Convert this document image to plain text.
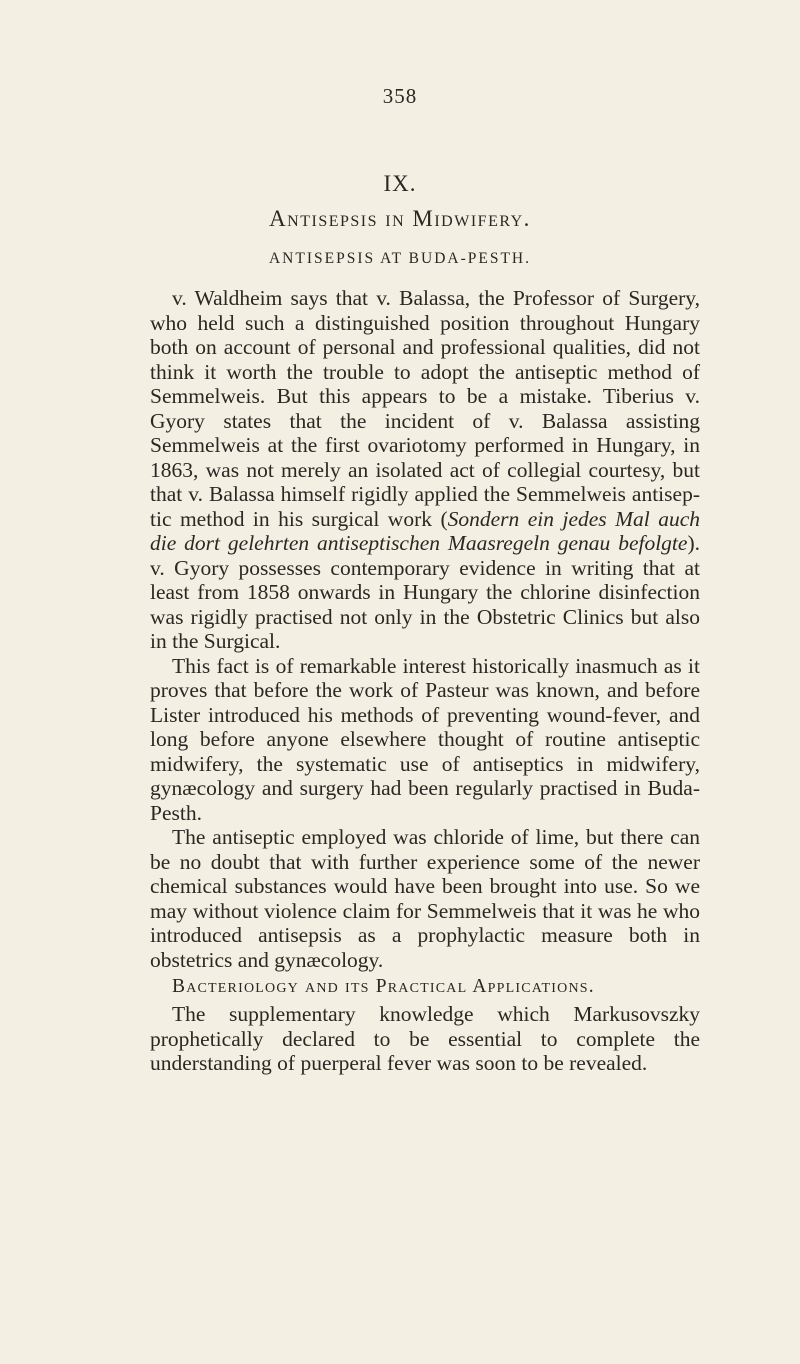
358
IX.
Antisepsis in Midwifery.
ANTISEPSIS AT BUDA-PESTH.

v. Waldheim says that v. Balassa, the Professor of Surgery, who held such a distinguished position throughout Hungary both on account of personal and professional qualities, did not think it worth the trouble to adopt the antiseptic method of Semmelweis. But this appears to be a mistake. Tiberius v. Gyory states that the incident of v. Balassa assisting Semmelweis at the first ovariotomy performed in Hungary, in 1863, was not merely an isolated act of collegial courtesy, but that v. Balassa himself rigidly applied the Semmelweis antiseptic method in his surgical work (Sondern ein jedes Mal auch die dort gelehrten antiseptischen Maasregeln genau befolgte). v. Gyory possesses contemporary evidence in writing that at least from 1858 onwards in Hungary the chlorine disinfection was rigidly practised not only in the Obstetric Clinics but also in the Surgical.

This fact is of remarkable interest historically inasmuch as it proves that before the work of Pasteur was known, and before Lister introduced his methods of preventing wound-fever, and long before anyone elsewhere thought of routine antiseptic midwifery, the systematic use of antiseptics in midwifery, gynæcology and surgery had been regularly practised in Buda-Pesth.

The antiseptic employed was chloride of lime, but there can be no doubt that with further experience some of the newer chemical substances would have been brought into use. So we may without violence claim for Semmelweis that it was he who introduced antisepsis as a prophylactic measure both in obstetrics and gynæcology.

Bacteriology and its Practical Applications.

The supplementary knowledge which Markusovszky prophetically declared to be essential to complete the understanding of puerperal fever was soon to be revealed.
